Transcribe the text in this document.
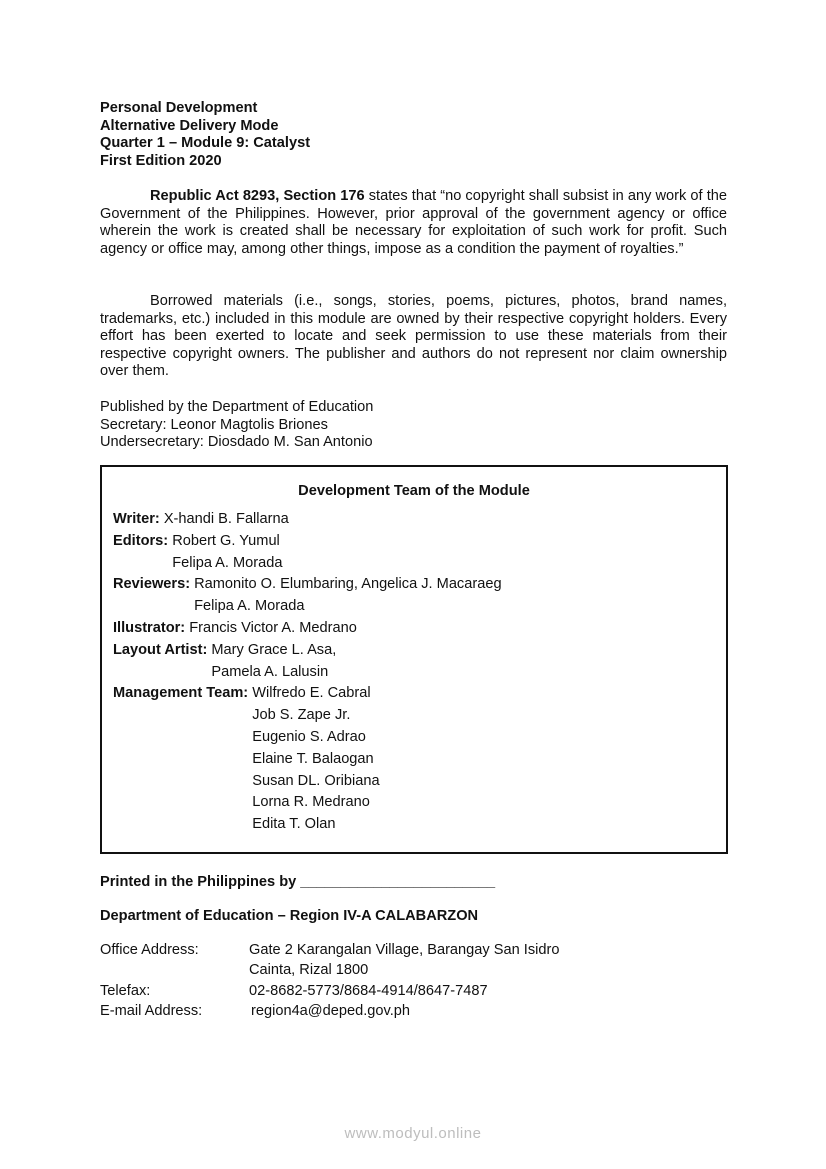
Personal Development
Alternative Delivery Mode
Quarter 1 – Module 9: Catalyst
First Edition 2020
Republic Act 8293, Section 176 states that “no copyright shall subsist in any work of the Government of the Philippines. However, prior approval of the government agency or office wherein the work is created shall be necessary for exploitation of such work for profit. Such agency or office may, among other things, impose as a condition the payment of royalties.”
Borrowed materials (i.e., songs, stories, poems, pictures, photos, brand names, trademarks, etc.) included in this module are owned by their respective copyright holders. Every effort has been exerted to locate and seek permission to use these materials from their respective copyright owners. The publisher and authors do not represent nor claim ownership over them.
Published by the Department of Education
Secretary: Leonor Magtolis Briones
Undersecretary: Diosdado M. San Antonio
Development Team of the Module
Writer: X-handi B. Fallarna
Editors: Robert G. Yumul
Felipa A. Morada
Reviewers: Ramonito O. Elumbaring, Angelica J. Macaraeg
Felipa A. Morada
Illustrator: Francis Victor A. Medrano
Layout Artist: Mary Grace L. Asa,
Pamela A. Lalusin
Management Team: Wilfredo E. Cabral
Job S. Zape Jr.
Eugenio S. Adrao
Elaine T. Balaogan
Susan DL. Oribiana
Lorna R. Medrano
Edita T. Olan
Printed in the Philippines by ________________________
Department of Education – Region IV-A CALABARZON
Office Address:	Gate 2 Karangalan Village, Barangay San Isidro
Cainta, Rizal 1800
Telefax:	02-8682-5773/8684-4914/8647-7487
E-mail Address:	region4a@deped.gov.ph
www.modyul.online
